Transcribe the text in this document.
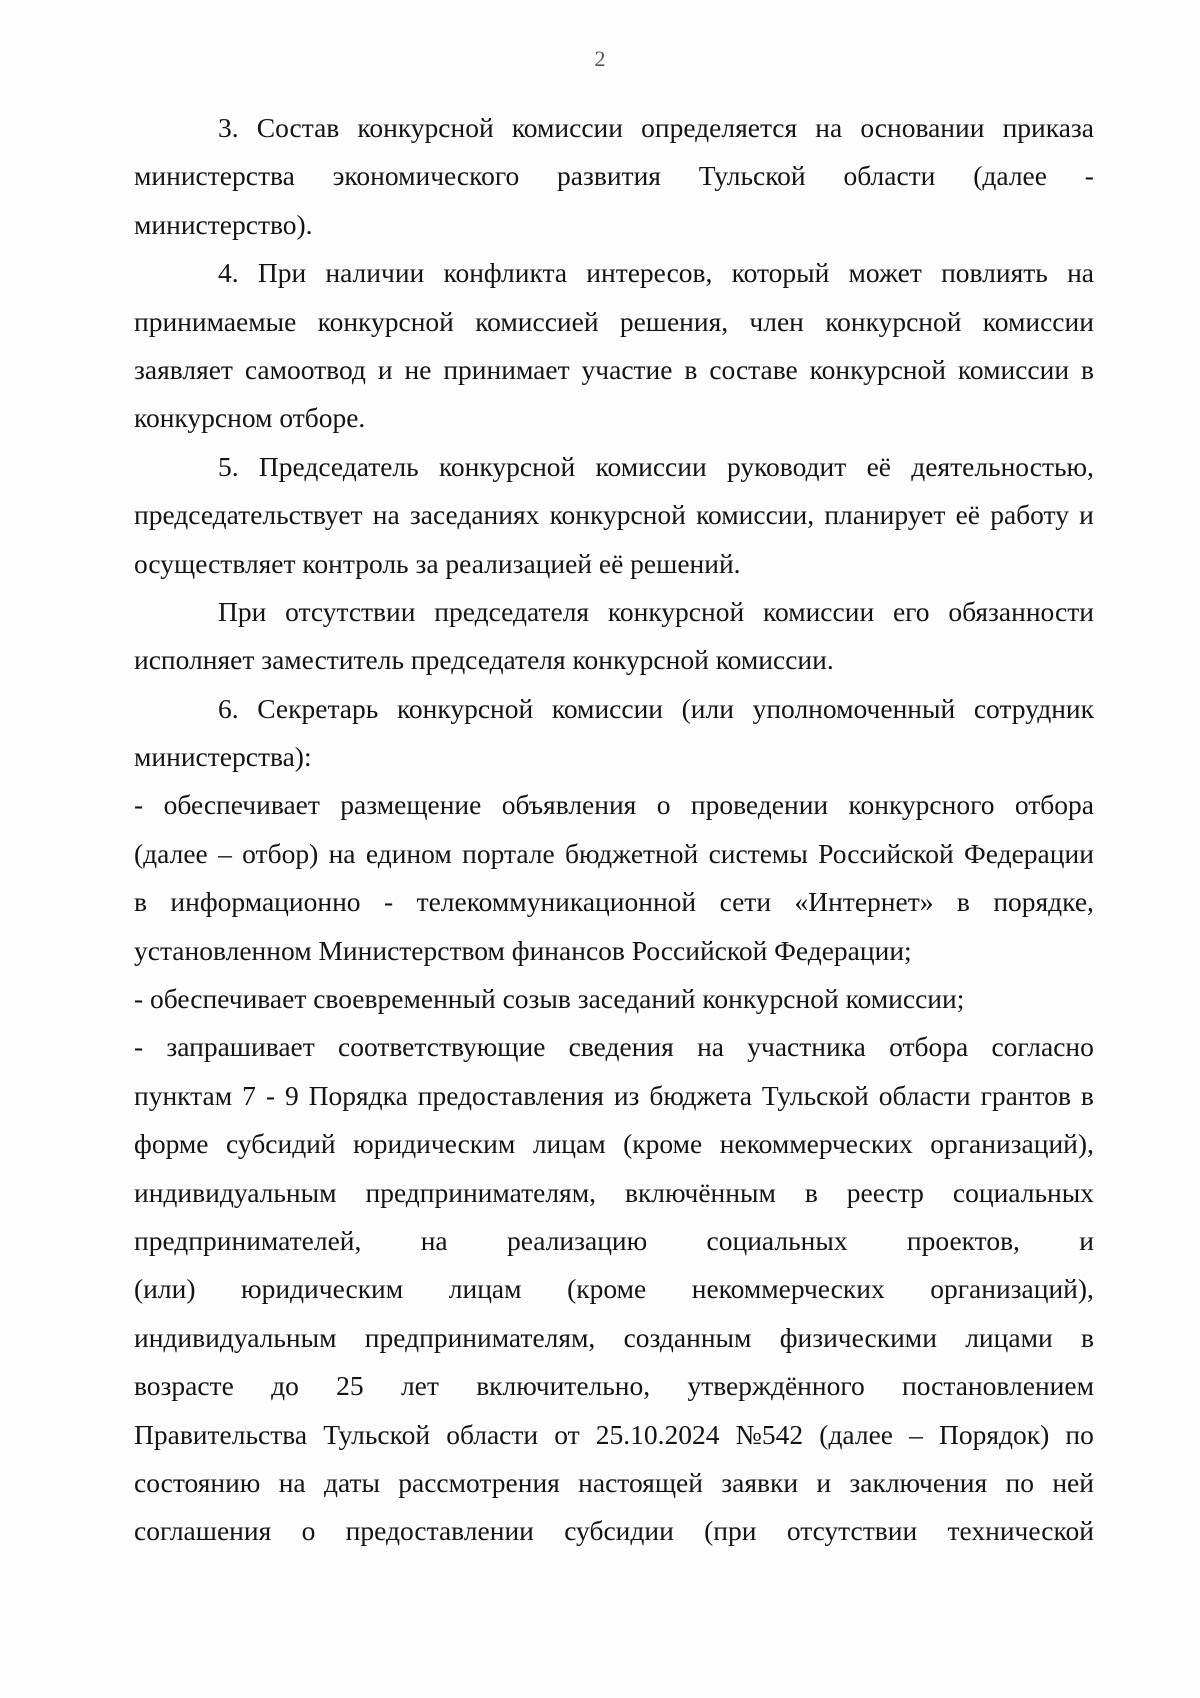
2
3. Состав конкурсной комиссии определяется на основании приказа
министерства экономического развития Тульской области (далее -
министерство).
4. При наличии конфликта интересов, который может повлиять на
принимаемые конкурсной комиссией решения, член конкурсной комиссии
заявляет самоотвод и не принимает участие в составе конкурсной комиссии в
конкурсном отборе.
5. Председатель конкурсной комиссии руководит её деятельностью,
председательствует на заседаниях конкурсной комиссии, планирует её работу и
осуществляет контроль за реализацией её решений.
При отсутствии председателя конкурсной комиссии его обязанности
исполняет заместитель председателя конкурсной комиссии.
6. Секретарь конкурсной комиссии (или уполномоченный сотрудник
министерства):
- обеспечивает размещение объявления о проведении конкурсного отбора
(далее – отбор) на едином портале бюджетной системы Российской Федерации
в информационно - телекоммуникационной сети «Интернет» в порядке,
установленном Министерством финансов Российской Федерации;
- обеспечивает своевременный созыв заседаний конкурсной комиссии;
- запрашивает соответствующие сведения на участника отбора согласно
пунктам 7 - 9 Порядка предоставления из бюджета Тульской области грантов в
форме субсидий юридическим лицам (кроме некоммерческих организаций),
индивидуальным предпринимателям, включённым в реестр социальных
предпринимателей, на реализацию социальных проектов, и
(или) юридическим лицам (кроме некоммерческих организаций),
индивидуальным предпринимателям, созданным физическими лицами в
возрасте до 25 лет включительно, утверждённого постановлением
Правительства Тульской области от 25.10.2024 №542 (далее – Порядок) по
состоянию на даты рассмотрения настоящей заявки и заключения по ней
соглашения о предоставлении субсидии (при отсутствии технической
